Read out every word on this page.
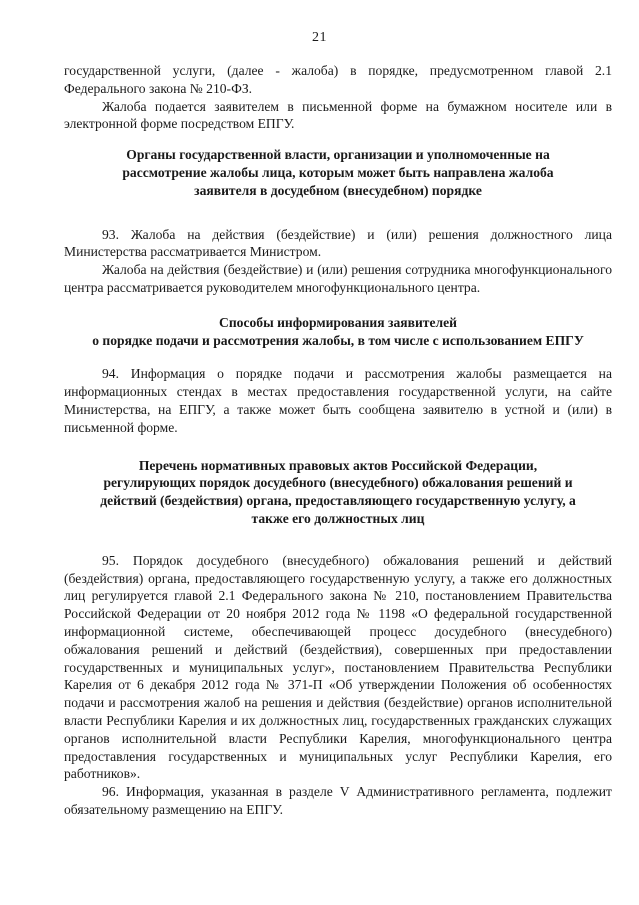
21

государственной услуги, (далее - жалоба) в порядке, предусмотренном главой 2.1 Федерального закона № 210-ФЗ.

Жалоба подается заявителем в письменной форме на бумажном носителе или в электронной форме посредством ЕПГУ.

Органы государственной власти, организации и уполномоченные на
рассмотрение жалобы лица, которым может быть направлена жалоба
заявителя в досудебном (внесудебном) порядке

93. Жалоба на действия (бездействие) и (или) решения должностного лица Министерства рассматривается Министром.

Жалоба на действия (бездействие) и (или) решения сотрудника многофункционального центра рассматривается руководителем многофункционального центра.

Способы информирования заявителей
о порядке подачи и рассмотрения жалобы, в том числе с использованием ЕПГУ

94. Информация о порядке подачи и рассмотрения жалобы размещается на информационных стендах в местах предоставления государственной услуги, на сайте Министерства, на ЕПГУ, а также может быть сообщена заявителю в устной и (или) в письменной форме.

Перечень нормативных правовых актов Российской Федерации,
регулирующих порядок досудебного (внесудебного) обжалования решений и
действий (бездействия) органа, предоставляющего государственную услугу, а
также его должностных лиц

95. Порядок досудебного (внесудебного) обжалования решений и действий (бездействия) органа, предоставляющего государственную услугу, а также его должностных лиц регулируется главой 2.1 Федерального закона № 210, постановлением Правительства Российской Федерации от 20 ноября 2012 года № 1198 «О федеральной государственной информационной системе, обеспечивающей процесс досудебного (внесудебного) обжалования решений и действий (бездействия), совершенных при предоставлении государственных и муниципальных услуг», постановлением Правительства Республики Карелия от 6 декабря 2012 года № 371-П «Об утверждении Положения об особенностях подачи и рассмотрения жалоб на решения и действия (бездействие) органов исполнительной власти Республики Карелия и их должностных лиц, государственных гражданских служащих органов исполнительной власти Республики Карелия, многофункционального центра предоставления государственных и муниципальных услуг Республики Карелия, его работников».

96. Информация, указанная в разделе V Административного регламента, подлежит обязательному размещению на ЕПГУ.
